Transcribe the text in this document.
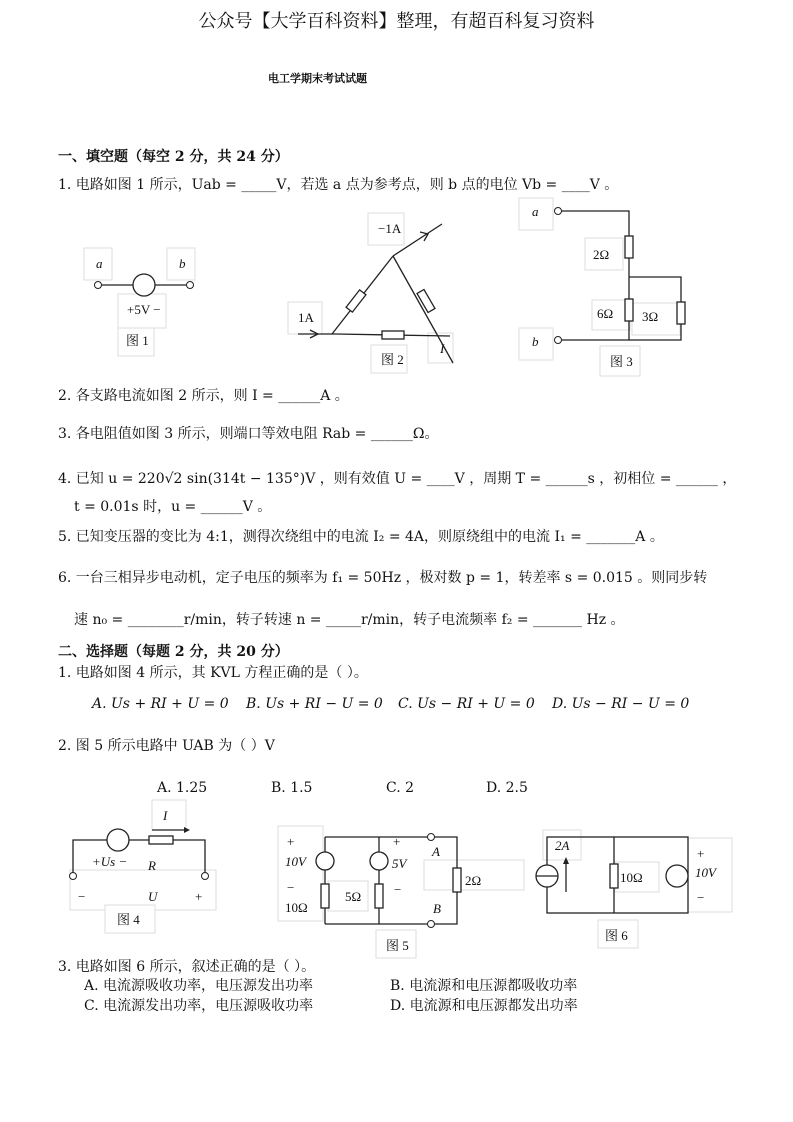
公众号【大学百科资料】整理，有超百科复习资料
电工学期末考试试题
一、填空题（每空 2 分，共 24 分）
1. 电路如图 1 所示，Uab = _____V，若选 a 点为参考点，则 b 点的电位 Vb = ____V 。
2. 各支路电流如图 2 所示，则 I = ______A 。
3. 各电阻值如图 3 所示，则端口等效电阻 Rab = ______Ω。
4. 已知 u = 220√2 sin(314t − 135°)V ，则有效值 U = ____V ，周期 T = ______s ，初相位 = ______ ，
t = 0.01s 时，u = ______V 。
5. 已知变压器的变比为 4:1，测得次绕组中的电流 I₂ = 4A，则原绕组中的电流 I₁ = _______A 。
6. 一台三相异步电动机，定子电压的频率为 f₁ = 50Hz ，极对数 p = 1，转差率 s = 0.015 。则同步转
速 n₀ = ________r/min，转子转速 n = _____r/min，转子电流频率 f₂ = _______ Hz 。
二、选择题（每题 2 分，共 20 分）
1. 电路如图 4 所示，其 KVL 方程正确的是（ ）。
A. Us + RI + U = 0 B. Us + RI − U = 0 C. Us − RI + U = 0 D. Us − RI − U = 0
2. 图 5 所示电路中 UAB 为（ ）V
A. 1.25	B. 1.5	C. 2	D. 2.5
3. 电路如图 6 所示，叙述正确的是（ ）。
A. 电流源吸收功率，电压源发出功率	B. 电流源和电压源都吸收功率
C. 电流源发出功率，电压源吸收功率	D. 电流源和电压源都发出功率
a	b
+5V −
图 1
−1A
1A
I
图 2
a
b
2Ω
6Ω 3Ω
图 3
I
+Us − R
−	U	+
图 4
+
10V
−
10Ω
+
5V
−
5Ω
A
B
2Ω
图 5
2A
10Ω
+
10V
−
图 6
